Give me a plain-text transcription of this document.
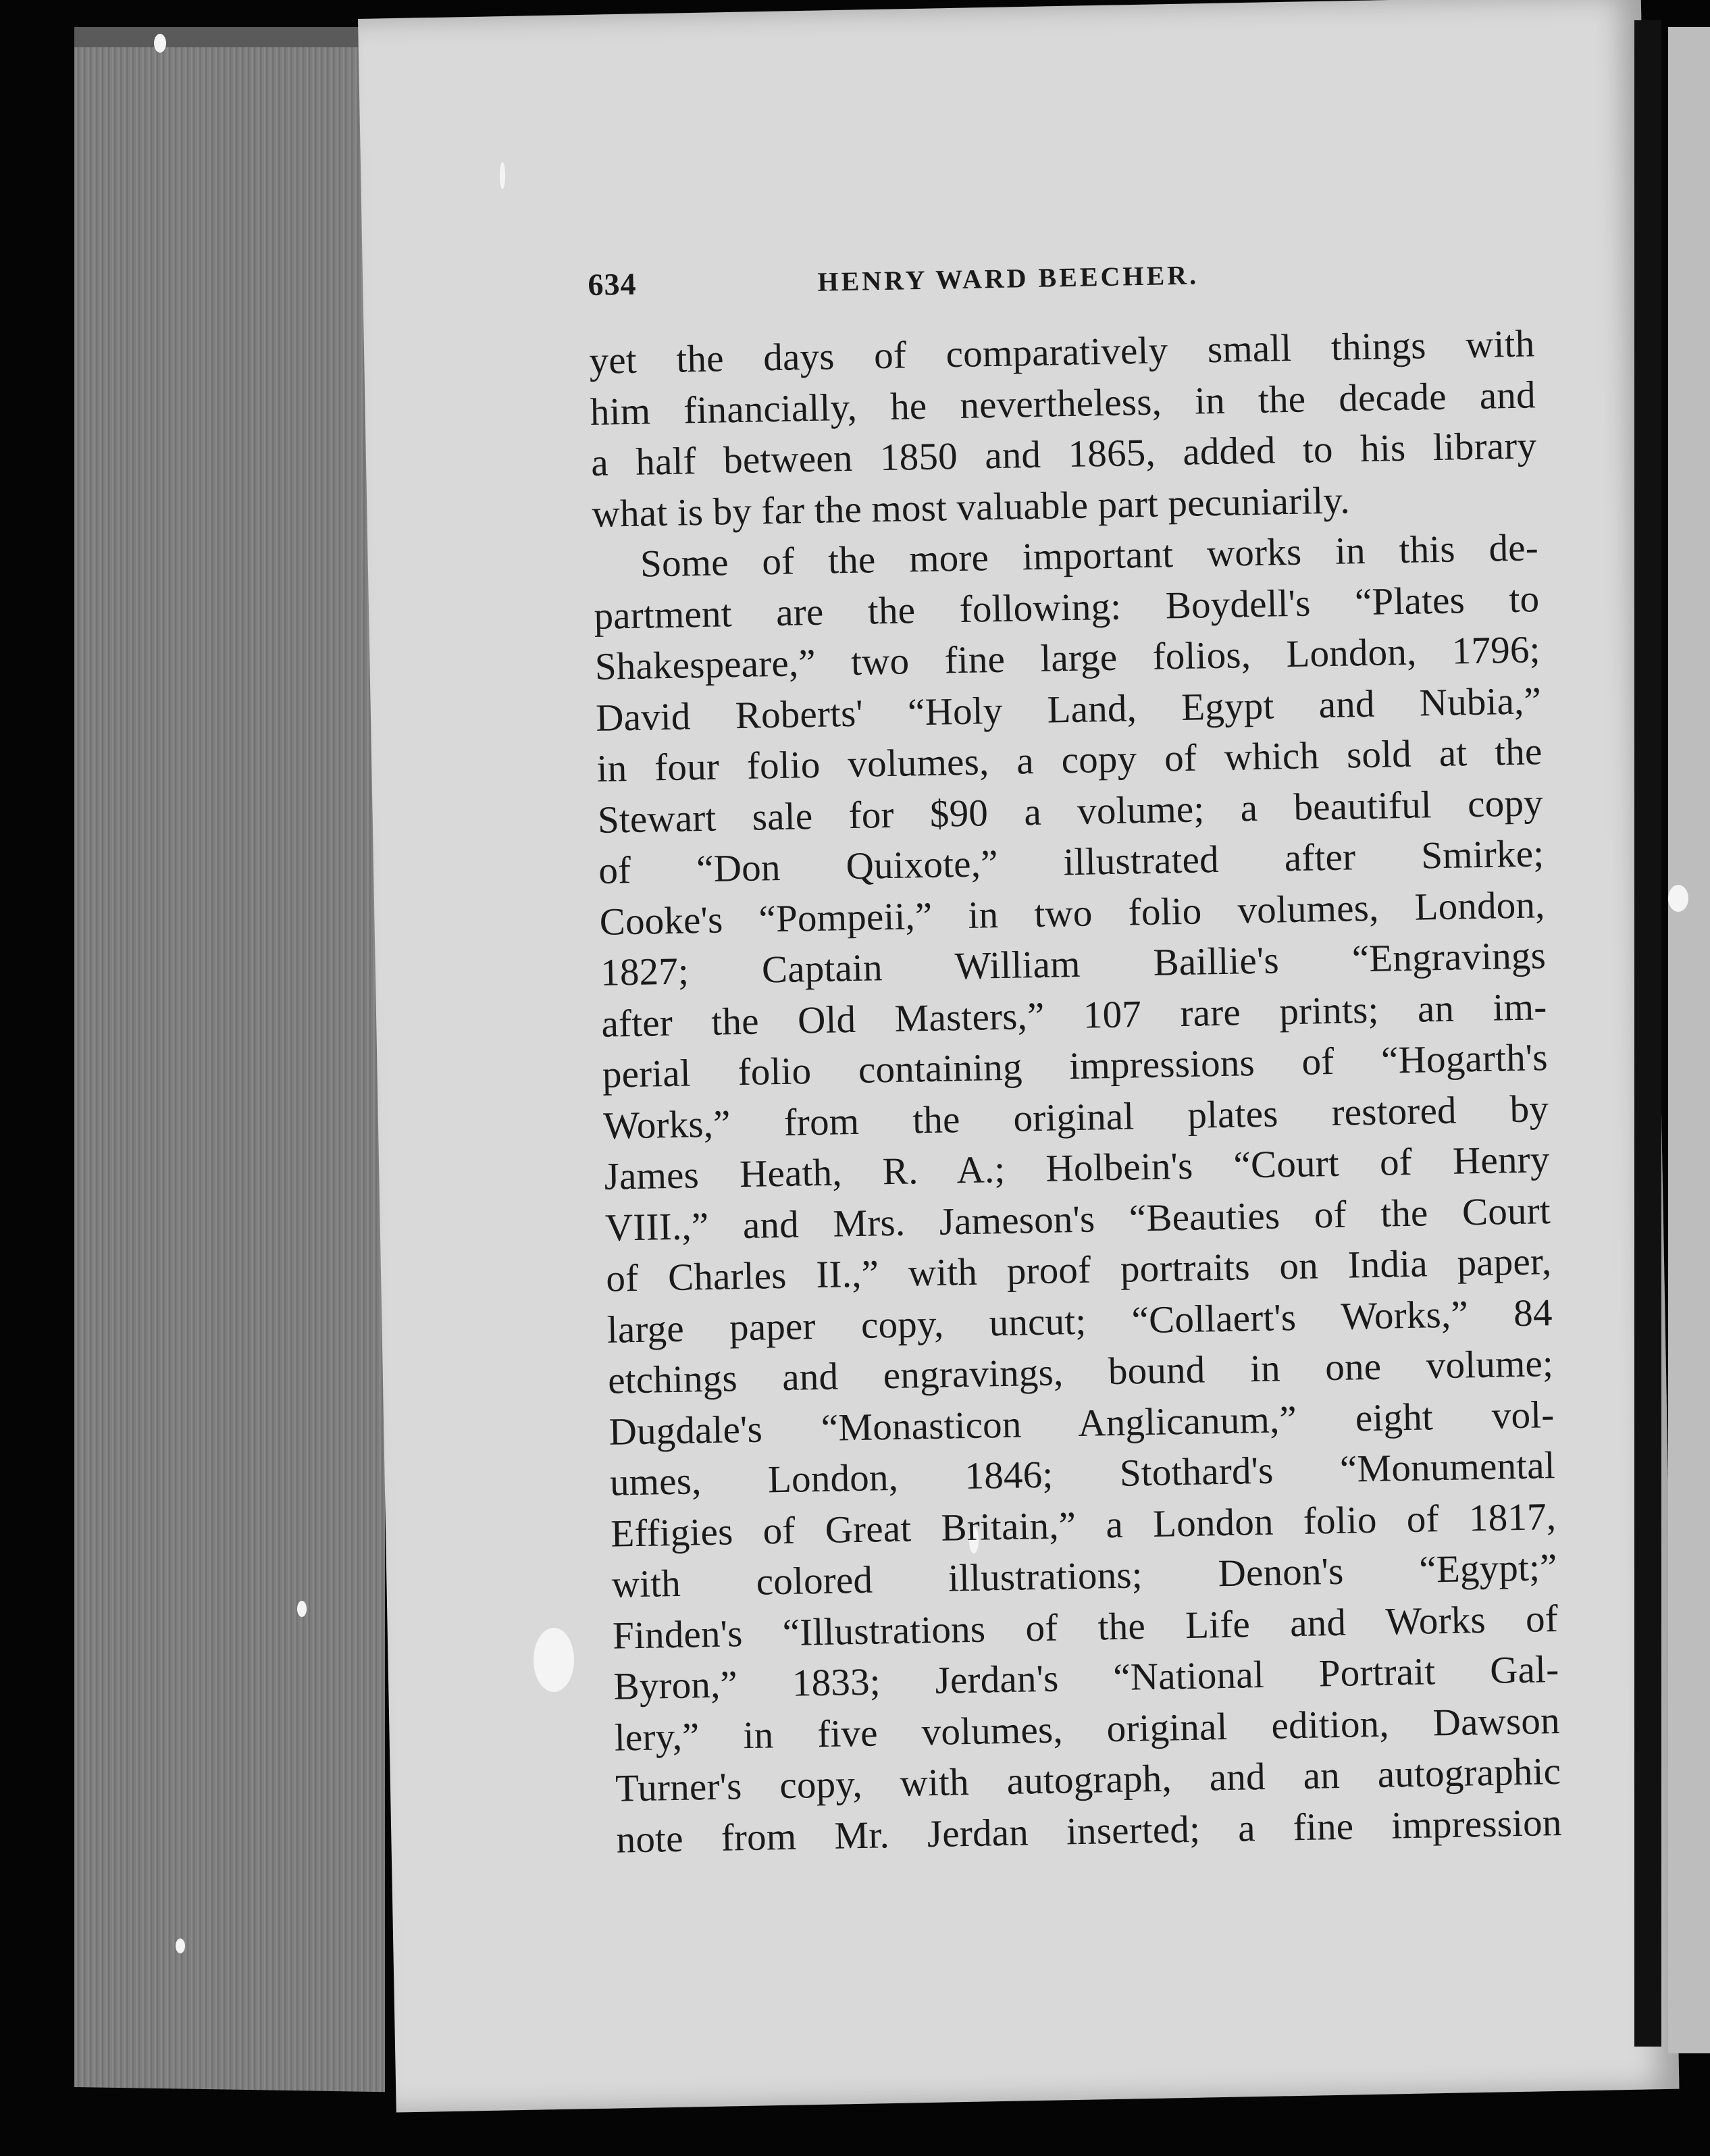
634	HENRY WARD BEECHER.
yet the days of comparatively small things with
him financially, he nevertheless, in the decade and
a half between 1850 and 1865, added to his library
what is by far the most valuable part pecuniarily.
Some of the more important works in this de-
partment are the following: Boydell's “Plates to
Shakespeare,” two fine large folios, London, 1796;
David Roberts' “Holy Land, Egypt and Nubia,”
in four folio volumes, a copy of which sold at the
Stewart sale for $90 a volume; a beautiful copy
of “Don Quixote,” illustrated after Smirke;
Cooke's “Pompeii,” in two folio volumes, London,
1827; Captain William Baillie's “Engravings
after the Old Masters,” 107 rare prints; an im-
perial folio containing impressions of “Hogarth's
Works,” from the original plates restored by
James Heath, R. A.; Holbein's “Court of Henry
VIII.,” and Mrs. Jameson's “Beauties of the Court
of Charles II.,” with proof portraits on India paper,
large paper copy, uncut; “Collaert's Works,” 84
etchings and engravings, bound in one volume;
Dugdale's “Monasticon Anglicanum,” eight vol-
umes, London, 1846; Stothard's “Monumental
Effigies of Great Britain,” a London folio of 1817,
with colored illustrations; Denon's “Egypt;”
Finden's “Illustrations of the Life and Works of
Byron,” 1833; Jerdan's “National Portrait Gal-
lery,” in five volumes, original edition, Dawson
Turner's copy, with autograph, and an autographic
note from Mr. Jerdan inserted; a fine impression
